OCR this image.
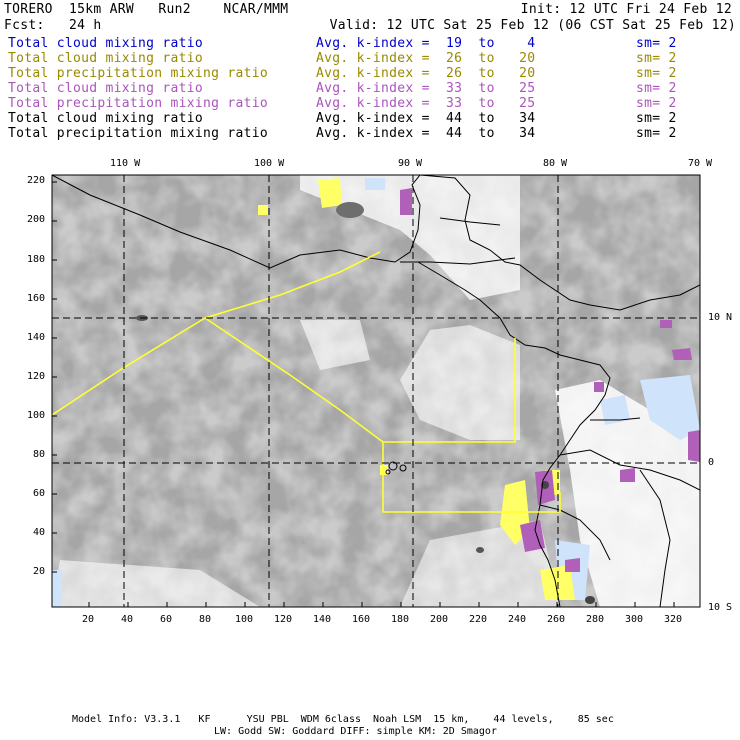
TORERO  15km ARW   Run2    NCAR/MMM	Init: 12 UTC Fri 24 Feb 12
Fcst:   24 h	Valid: 12 UTC Sat 25 Feb 12 (06 CST Sat 25 Feb 12)
Total cloud mixing ratio	Avg. k-index =  19  to    4	sm= 2
Total cloud mixing ratio	Avg. k-index =  26  to   20	sm= 2
Total precipitation mixing ratio	Avg. k-index =  26  to   20	sm= 2
Total cloud mixing ratio	Avg. k-index =  33  to   25	sm= 2
Total precipitation mixing ratio	Avg. k-index =  33  to   25	sm= 2
Total cloud mixing ratio	Avg. k-index =  44  to   34	sm= 2
Total precipitation mixing ratio	Avg. k-index =  44  to   34	sm= 2
110 W	100 W	90 W	80 W	70 W
10 N
0
10 S
220
200
180
160
140
120
100
80
60
40
20
20	40	60	80 100 120 140 160 180 200 220 240 260 280 300 320
Model Info: V3.3.1   KF      YSU PBL  WDM 6class  Noah LSM  15 km,    44 levels,    85 sec
LW: Godd SW: Goddard DIFF: simple KM: 2D Smagor
